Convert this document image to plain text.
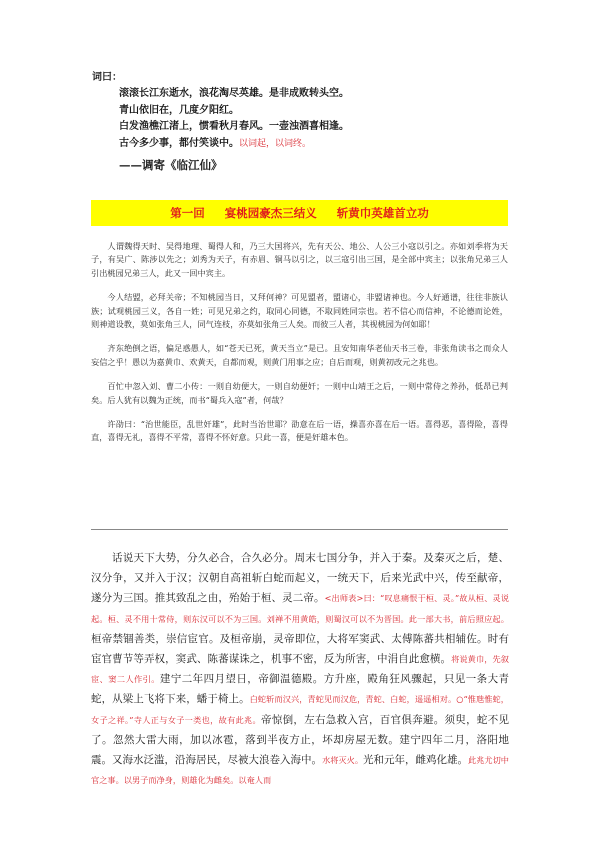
词曰：
滚滚长江东逝水，浪花淘尽英雄。是非成败转头空。
青山依旧在，几度夕阳红。
白发渔樵江渚上，惯看秋月春风。一壶浊酒喜相逢。
古今多少事，都付笑谈中。以词起，以词终。
——调寄《临江仙》
第一回 宴桃园豪杰三结义 斩黄巾英雄首立功

人谓魏得天时、吴得地理、蜀得人和，乃三大国将兴，先有天公、地公、人公三小寇以引之。亦如刘季将为天子，有吴广、陈涉以先之；刘秀为天子，有赤眉、铜马以引之，以三寇引出三国，是全部中宾主；以张角兄弟三人引出桃园兄弟三人，此又一回中宾主。

今人结盟，必拜关帝；不知桃园当日，又拜何神？可见盟者，盟诸心，非盟诸神也。今人好通谱，往往非族认族；试观桃园三义，各自一姓；可见兄弟之约，取同心同德，不取同姓同宗也。若不信心而信神，不论德而论姓，则神道设教，莫如张角三人，同气连枝，亦莫如张角三人矣。而彼三人者，其视桃园为何如耶！

齐东绝倒之语，偏足惑愚人，如“苍天已死，黄天当立”是已。且安知南华老仙天书三卷，非张角读书之而众人妄信之乎！愚以为嘉黄巾、欢黄天，自都而观，则黄门用事之应；自后而观，则黄初改元之兆也。

百忙中忽入刘、曹二小传：一则自幼便大，一则自幼便奸；一则中山靖王之后，一则中常侍之养孙，低昂已判矣。后人犹有以魏为正统，而书“蜀兵入寇”者，何哉？

许劭曰：“治世能臣，乱世奸雄”，此时当治世耶？劭意在后一语，操喜亦喜在后一语。喜得恶，喜得险，喜得直，喜得无礼，喜得不平常，喜得不怀好意。只此一喜，便是奸雄本色。

话说天下大势，分久必合，合久必分。周末七国分争，并入于秦。及秦灭之后，楚、汉分争，又并入于汉；汉朝自高祖斩白蛇而起义，一统天下，后来光武中兴，传至献帝，遂分为三国。推其致乱之由，殆始于桓、灵二帝。<出师表>曰：“叹息痛恨于桓、灵。”故从桓、灵说起。桓、灵不用十常侍，则东汉可以不为三国。刘禅不用黄皓，则蜀汉可以不为晋国。此一部大书，前后照应起。桓帝禁锢善类，崇信宦官。及桓帝崩，灵帝即位，大将军窦武、太傅陈蕃共相辅佐。时有宦官曹节等弄权，窦武、陈蕃谋诛之，机事不密，反为所害，中涓自此愈横。将说黄巾，先叙宦、窦二人作引。建宁二年四月望日，帝御温德殿。方升座，殿角狂风骤起，只见一条大青蛇，从梁上飞将下来，蟠于椅上。白蛇斩而汉兴，青蛇见而汉危，青蛇、白蛇，遥遥相对。○“惟虺惟蛇，女子之祥。”寺人正与女子一类也，故有此兆。帝惊倒，左右急救入宫，百官俱奔避。须臾，蛇不见了。忽然大雷大雨，加以冰雹，落到半夜方止，坏却房屋无数。建宁四年二月，洛阳地震。又海水泛滥，沿海居民，尽被大浪卷入海中。水将灭火。光和元年，雌鸡化雄。此兆尤切中官之事。以男子而净身，则雄化为雌矣。以奄人而
